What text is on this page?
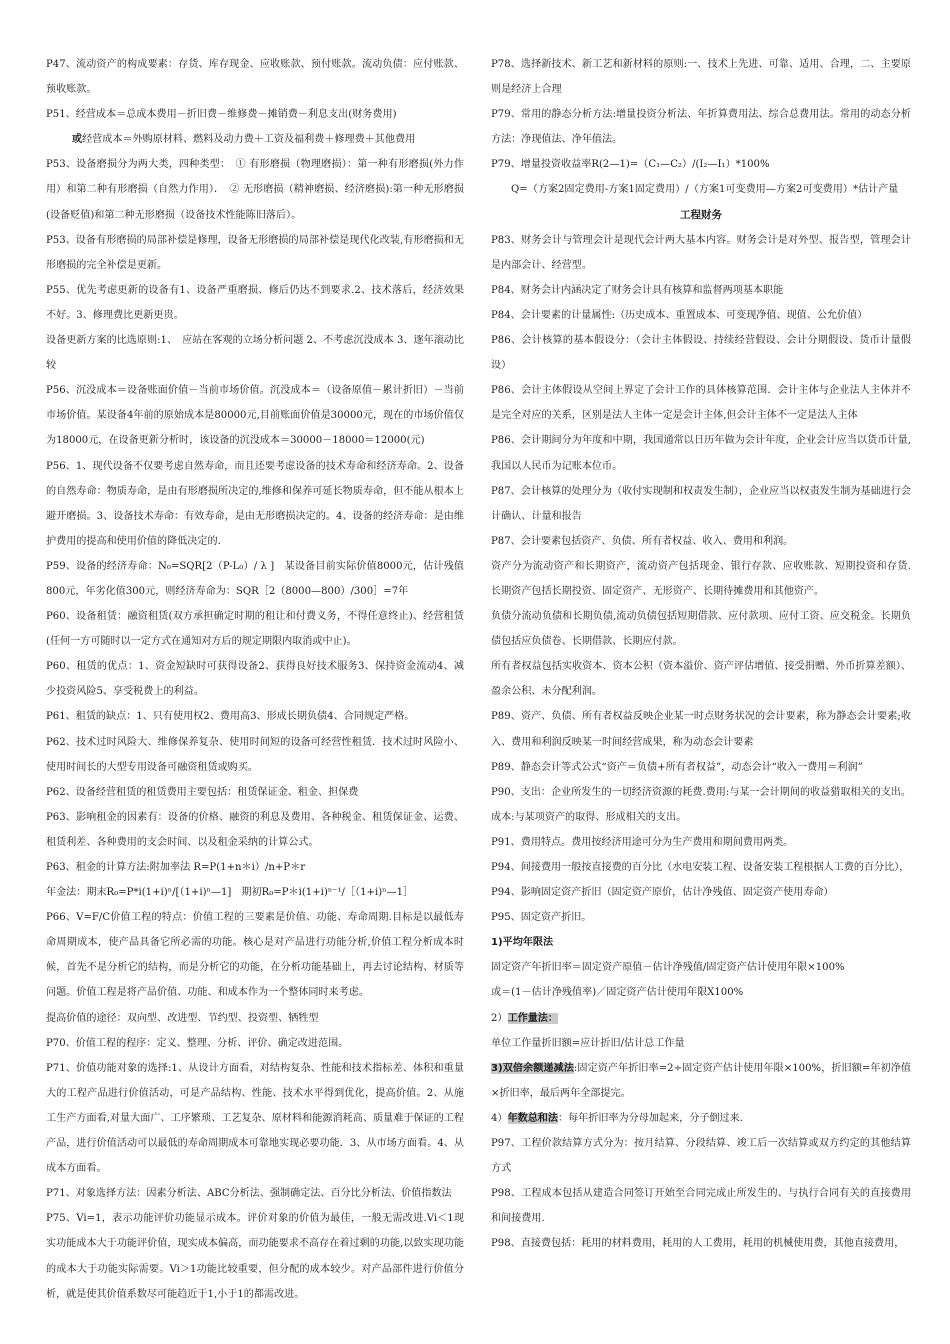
P47、流动资产的构成要素：存货、库存现金、应收账款、预付账款。流动负债：应付账款、预收账款。

P51、经营成本＝总成本费用－折旧费－维修费－摊销费－利息支出(财务费用)

或经营成本＝外购原材料、燃料及动力费＋工资及福利费＋修理费＋其他费用

P53、设备磨损分为两大类，四种类型：　① 有形磨损（物理磨损）：第一种有形磨损(外力作用）和第二种有形磨损（自然力作用）．　② 无形磨损（精神磨损、经济磨损):第一种无形磨损(设备贬值)和第二种无形磨损（设备技术性能陈旧落后）。

P53、设备有形磨损的局部补偿是修理，设备无形磨损的局部补偿是现代化改装,有形磨损和无形磨损的完全补偿是更新。

P55、优先考虑更新的设备有1、设备严重磨损、修后仍达不到要求.2、技术落后，经济效果不好。3、修理费比更新更贵。

设备更新方案的比选原则:1、　应站在客观的立场分析问题 2、不考虑沉没成本 3、逐年滚动比较

P56、沉没成本＝设备账面价值－当前市场价值。沉没成本＝（设备原值－累计折旧）－当前市场价值。某设备4年前的原始成本是80000元,目前账面价值是30000元，现在的市场价值仅为18000元，在设备更新分析时，该设备的沉没成本＝30000－18000＝12000(元)

P56、1、现代设备不仅要考虑自然寿命，而且还要考虑设备的技术寿命和经济寿命。2、设备的自然寿命：物质寿命，是由有形磨损所决定的,维修和保养可延长物质寿命，但不能从根本上避开磨损。3、设备技术寿命：有效寿命，是由无形磨损决定的。4、设备的经济寿命：是由维护费用的提高和使用价值的降低决定的.

P59、设备的经济寿命：N₀=SQR[2（P-L₀）/ λ ]　某设备目前实际价值8000元，估计残值800元，年劣化值300元，则经济寿命为：SQR［2（8000—800）/300］=7年

P60、设备租赁：融资租赁(双方承担确定时期的租让和付费义务，不得任意终止)、经营租赁(任何一方可随时以一定方式在通知对方后的规定期限内取消或中止)。

P60、租赁的优点：1、资金短缺时可获得设备2、获得良好技术服务3、保持资金流动4、减少投资风险5、享受税费上的利益。

P61、租赁的缺点：1、只有使用权2、费用高3、形成长期负债4、合同规定严格。

P62、技术过时风险大、维修保养复杂、使用时间短的设备可经营性租赁．技术过时风险小、使用时间长的大型专用设备可融资租赁或购买。

P62、设备经营租赁的租赁费用主要包括：租赁保证金、租金、担保费

P63、影响租金的因素有：设备的价格、融资的利息及费用、各种税金、租赁保证金、运费、租赁利差、各种费用的支会时间、以及租金采纳的计算公式。

P63、租金的计算方法:附加率法 R=P(1+n＊i）/n+P＊r

年金法：期末R₀=P*i(1+i)ⁿ/[（1+i)ⁿ—1]　期初R₀=P＊i(1+i)ⁿ⁻¹/［（1+i)ⁿ—1］

P66、V=F/C价值工程的特点：价值工程的三要素是价值、功能、寿命周期.目标是以最低寿命周期成本，使产品具备它所必需的功能。核心是对产品进行功能分析,价值工程分析成本时候，首先不是分析它的结构，而是分析它的功能，在分析功能基础上，再去讨论结构、材质等问题。价值工程是将产品价值、功能、和成本作为一个整体同时来考虑。

提高价值的途径：双向型、改进型、节约型、投资型、牺牲型

P70、价值工程的程序：定义、整理、分析、评价、确定改进范围。

P71、价值功能对象的选择:1、从设计方面看，对结构复杂、性能和技术指标差、体积和重量大的工程产品进行价值活动，可是产品结构、性能、技术水平得到优化，提高价值。2、从施工生产方面看,对量大面广、工序繁琐、工艺复杂、原材料和能源消耗高、质量难于保证的工程产品，进行价值活动可以最低的寿命周期成本可靠地实现必要功能．3、从市场方面看。4、从成本方面看。

P71、对象选择方法：因素分析法、ABC分析法、强制确定法、百分比分析法、价值指数法

P75、Vi=1，表示功能评价功能显示成本。评价对象的价值为最佳，一般无需改进.Vi＜1现实功能成本大于功能评价值，现实成本偏高，而功能要求不高存在着过剩的功能,以致实现功能的成本大于功能实际需要。Vi＞1功能比较重要，但分配的成本较少。对产品部件进行价值分析，就是使其价值系数尽可能趋近于1,小于1的都需改进。

P78、选择新技术、新工艺和新材料的原则:一、技术上先进、可靠、适用、合理，二、主要原则是经济上合理

P79、常用的静态分析方法:增量投资分析法、年折算费用法、综合总费用法。常用的动态分析方法：净现值法、净年值法。

P79、增量投资收益率R(2—1)=（C₁—C₂）/(I₂—I₁）*100%

Q=（方案2固定费用-方案1固定费用）/（方案1可变费用—方案2可变费用）*估计产量

工程财务

P83、财务会计与管理会计是现代会计两大基本内容。财务会计是对外型、报告型，管理会计是内部会计、经营型。

P84、财务会计内涵决定了财务会计具有核算和监督两项基本职能

P84、会计要素的计量属性:（历史成本、重置成本、可变现净值、现值、公允价值）

P86、会计核算的基本假设分：（会计主体假设、持续经营假设、会计分期假设、货币计量假设）

P86、会计主体假设从空间上界定了会计工作的具体核算范围．会计主体与企业法人主体并不是完全对应的关系，区别是法人主体一定是会计主体,但会计主体不一定是法人主体

P86、会计期间分为年度和中期，我国通常以日历年做为会计年度，企业会计应当以货币计量,我国以人民币为记账本位币。

P87、会计核算的处理分为（收付实现制和权责发生制），企业应当以权责发生制为基础进行会计确认、计量和报告

P87、会计要素包括资产、负债、所有者权益、收入、费用和利润。

资产分为流动资产和长期资产，流动资产包括现金、银行存款、应收账款、短期投资和存货. 长期资产包括长期投资、固定资产、无形资产、长期待摊费用和其他资产。

负债分流动负债和长期负债,流动负债包括短期借款、应付款项、应付工资、应交税金。长期负债包括应负债卷、长期借款、长期应付款。

所有者权益包括实收资本、资本公积（资本溢价、资产评估增值、接受捐赠、外币折算差额）、盈余公积、未分配利润。

P89、资产、负债、所有者权益反映企业某一时点财务状况的会计要素，称为静态会计要素;收入、费用和利润反映某一时间经营成果，称为动态会计要素

P89、静态会计等式公式“资产＝负债+所有者权益”，动态会计“收入一费用＝利润”

P90、支出：企业所发生的一切经济资源的耗费.费用:与某一会计期间的收益猎取相关的支出。成本:与某项资产的取得、形成相关的支出。

P91、费用特点。费用按经济用途可分为生产费用和期间费用两类。

P94、间接费用一般按直接费的百分比（水电安装工程、设备安装工程根据人工费的百分比），

P94、影响固定资产折旧（固定资产原价，估计净残值、固定资产使用寿命）

P95、固定资产折旧。

1)平均年限法

固定资产年折旧率＝固定资产原值－估计净残值/固定资产估计使用年限×100%

或＝(1－估计净残值率)／固定资产估计使用年限X100%

2）工作量法：

单位工作量折旧额=应计折旧/估计总工作量

3)双倍余额递减法:固定资产年折旧率=2÷固定资产估计使用年限×100%，折旧额=年初净值×折旧率，最后两年全部提完。

4）年数总和法：每年折旧率为分母加起来，分子倒过来.

P97、工程价款结算方式分为：按月结算、分段结算、竣工后一次结算或双方约定的其他结算方式

P98、工程成本包括从建造合同签订开始至合同完成止所发生的、与执行合同有关的直接费用和间接费用.

P98、直接费包括：耗用的材料费用，耗用的人工费用，耗用的机械使用费，其他直接费用，
